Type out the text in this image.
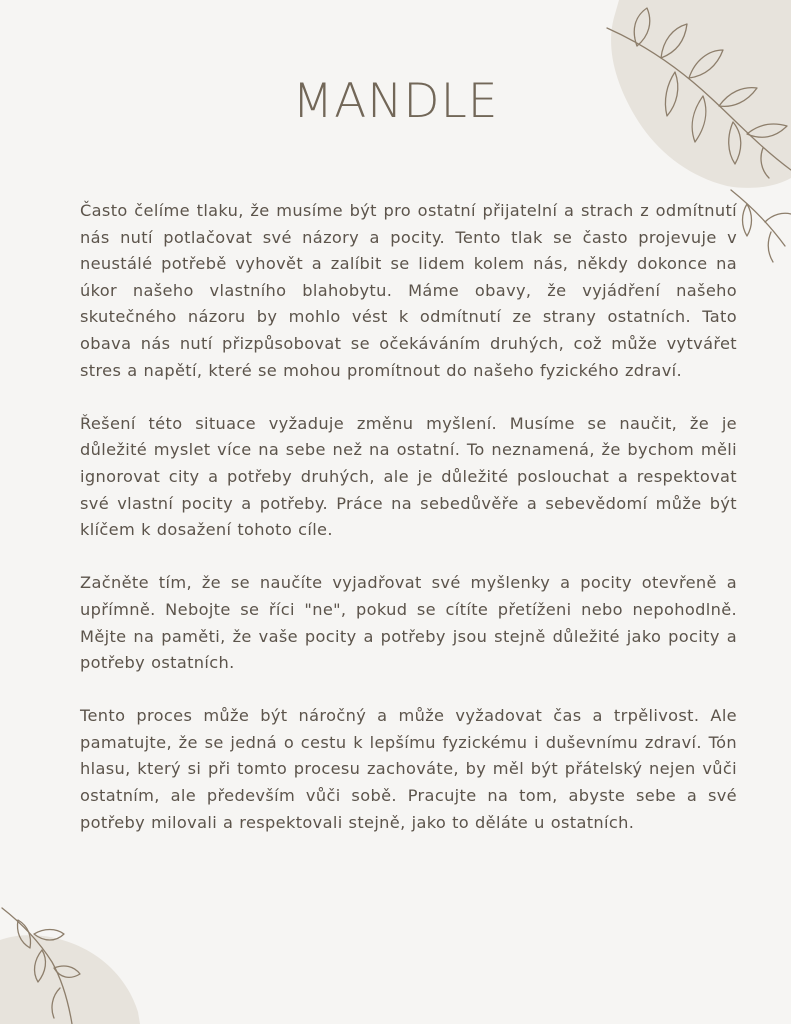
MANDLE

Často čelíme tlaku, že musíme být pro ostatní přijatelní a strach z odmítnutí nás nutí potlačovat své názory a pocity. Tento tlak se často projevuje v neustálé potřebě vyhovět a zalíbit se lidem kolem nás, někdy dokonce na úkor našeho vlastního blahobytu. Máme obavy, že vyjádření našeho skutečného názoru by mohlo vést k odmítnutí ze strany ostatních. Tato obava nás nutí přizpůsobovat se očekáváním druhých, což může vytvářet stres a napětí, které se mohou promítnout do našeho fyzického zdraví.

Řešení této situace vyžaduje změnu myšlení. Musíme se naučit, že je důležité myslet více na sebe než na ostatní. To neznamená, že bychom měli ignorovat city a potřeby druhých, ale je důležité poslouchat a respektovat své vlastní pocity a potřeby. Práce na sebedůvěře a sebevědomí může být klíčem k dosažení tohoto cíle.

Začněte tím, že se naučíte vyjadřovat své myšlenky a pocity otevřeně a upřímně. Nebojte se říci "ne", pokud se cítíte přetíženi nebo nepohodlně. Mějte na paměti, že vaše pocity a potřeby jsou stejně důležité jako pocity a potřeby ostatních.

Tento proces může být náročný a může vyžadovat čas a trpělivost. Ale pamatujte, že se jedná o cestu k lepšímu fyzickému i duševnímu zdraví. Tón hlasu, který si při tomto procesu zachováte, by měl být přátelský nejen vůči ostatním, ale především vůči sobě. Pracujte na tom, abyste sebe a své potřeby milovali a respektovali stejně, jako to děláte u ostatních.
